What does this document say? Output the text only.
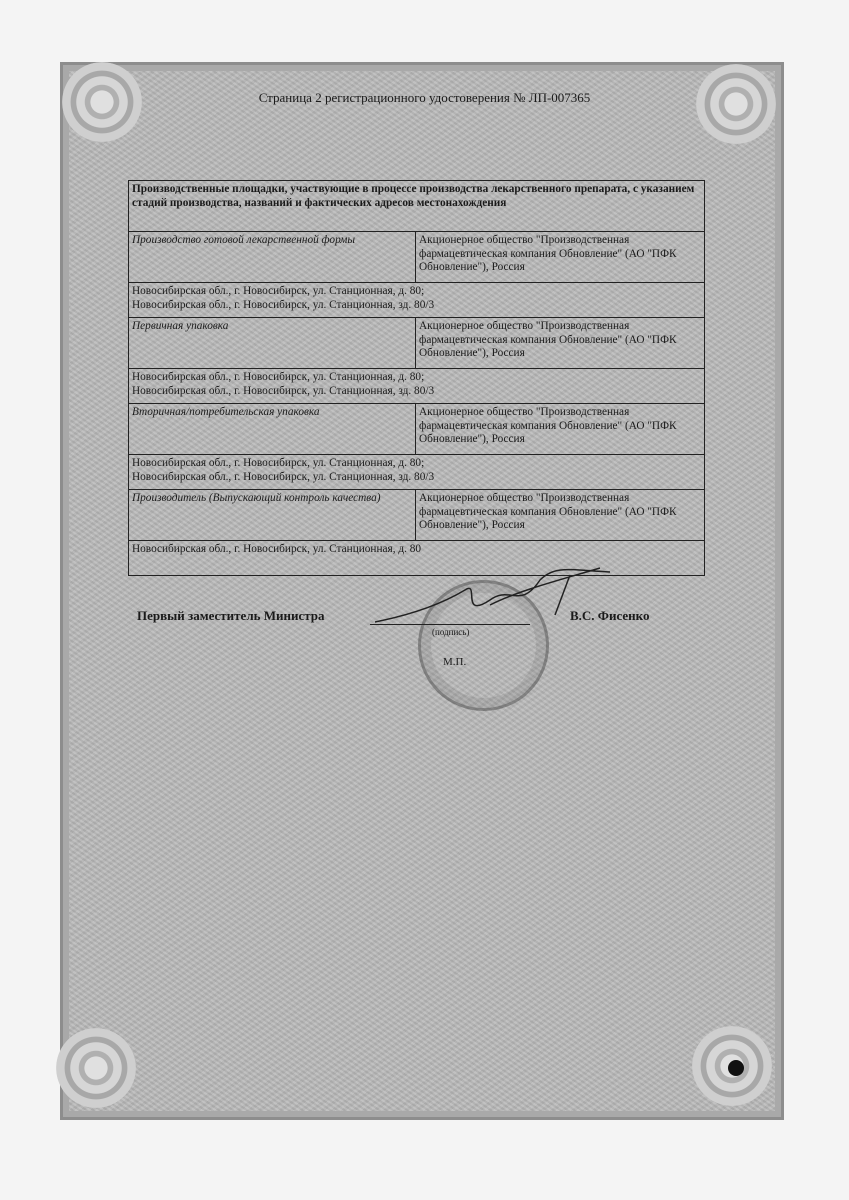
Страница 2 регистрационного удостоверения № ЛП-007365
Производственные площадки, участвующие в процессе производства лекарственного препарата, с указанием стадий производства, названий и фактических адресов местонахождения	
Производство готовой лекарственной формы	Акционерное общество "Производственная фармацевтическая компания Обновление" (АО "ПФК Обновление"), Россия
Новосибирская обл., г. Новосибирск, ул. Станционная, д. 80;
Новосибирская обл., г. Новосибирск, ул. Станционная, зд. 80/3	
Первичная упаковка	Акционерное общество "Производственная фармацевтическая компания Обновление" (АО "ПФК Обновление"), Россия
Новосибирская обл., г. Новосибирск, ул. Станционная, д. 80;
Новосибирская обл., г. Новосибирск, ул. Станционная, зд. 80/3	
Вторичная/потребительская упаковка	Акционерное общество "Производственная фармацевтическая компания Обновление" (АО "ПФК Обновление"), Россия
Новосибирская обл., г. Новосибирск, ул. Станционная, д. 80;
Новосибирская обл., г. Новосибирск, ул. Станционная, зд. 80/3	
Производитель (Выпускающий контроль качества)	Акционерное общество "Производственная фармацевтическая компания Обновление" (АО "ПФК Обновление"), Россия
Новосибирская обл., г. Новосибирск, ул. Станционная, д. 80	
Первый заместитель Министра	В.С. Фисенко
(подпись)
М.П.
